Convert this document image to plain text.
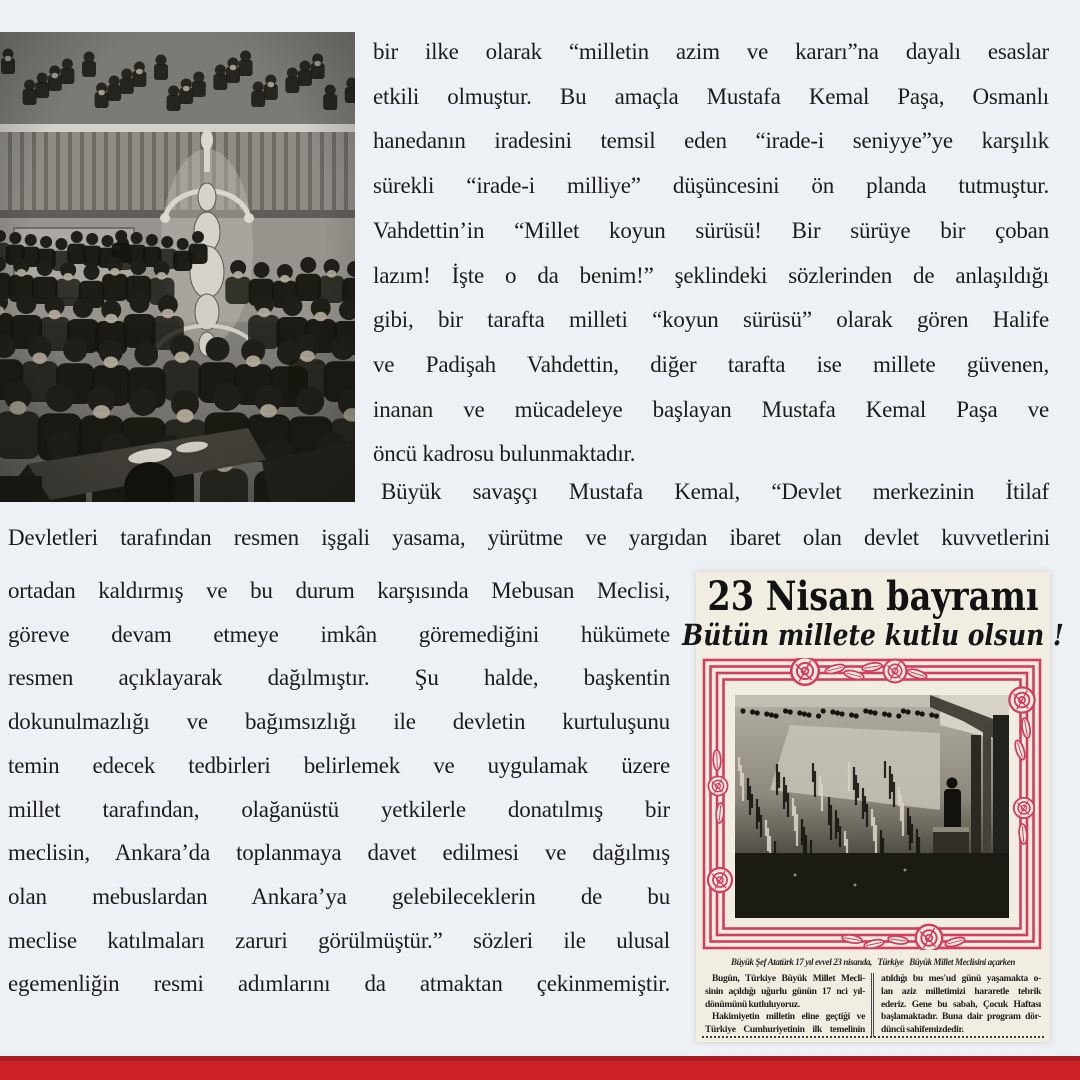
bir ilke olarak “milletin azim ve kararı”na dayalı esaslar
etkili olmuştur. Bu amaçla Mustafa Kemal Paşa, Osmanlı
hanedanın iradesini temsil eden “irade-i seniyye”ye karşılık
sürekli “irade-i milliye” düşüncesini ön planda tutmuştur.
Vahdettin’in “Millet koyun sürüsü! Bir sürüye bir çoban
lazım! İşte o da benim!” şeklindeki sözlerinden de anlaşıldığı
gibi, bir tarafta milleti “koyun sürüsü” olarak gören Halife
ve Padişah Vahdettin, diğer tarafta ise millete güvenen,
inanan ve mücadeleye başlayan Mustafa Kemal Paşa ve
öncü kadrosu bulunmaktadır.
Büyük savaşçı Mustafa Kemal, “Devlet merkezinin İtilaf
Devletleri tarafından resmen işgali yasama, yürütme ve yargıdan ibaret olan devlet kuvvetlerini
ortadan kaldırmış ve bu durum karşısında Mebusan Meclisi,
göreve devam etmeye imkân göremediğini hükümete
resmen açıklayarak dağılmıştır. Şu halde, başkentin
dokunulmazlığı ve bağımsızlığı ile devletin kurtuluşunu
temin edecek tedbirleri belirlemek ve uygulamak üzere
millet tarafından, olağanüstü yetkilerle donatılmış bir
meclisin, Ankara’da toplanmaya davet edilmesi ve dağılmış
olan mebuslardan Ankara’ya gelebileceklerin de bu
meclise katılmaları zaruri görülmüştür.” sözleri ile ulusal
egemenliğin resmi adımlarını da atmaktan çekinmemiştir.
23 Nisan bayramı
Bütün millete kutlu olsun !
Büyük Şef Atatürk 17 yıl evvel 23 nisanda,   Türkiye   Büyük Millet Meclisini açarken
Bugün, Türkiye Büyük Millet Mecli-
sinin açıldığı uğurlu günün 17 nci yıl-
dönümünü kutluluyoruz.
Hakimiyetin milletin eline geçtiği ve
Türkiye Cumhuriyetinin ilk temelinin
atıldığı bu mes'ud günü yaşamakta o-
lan aziz milletimizi hararetle tebrik
ederiz. Gene bu sabah, Çocuk Haftası
başlamaktadır. Buna dair program dör-
düncü sahifemizdedir.
